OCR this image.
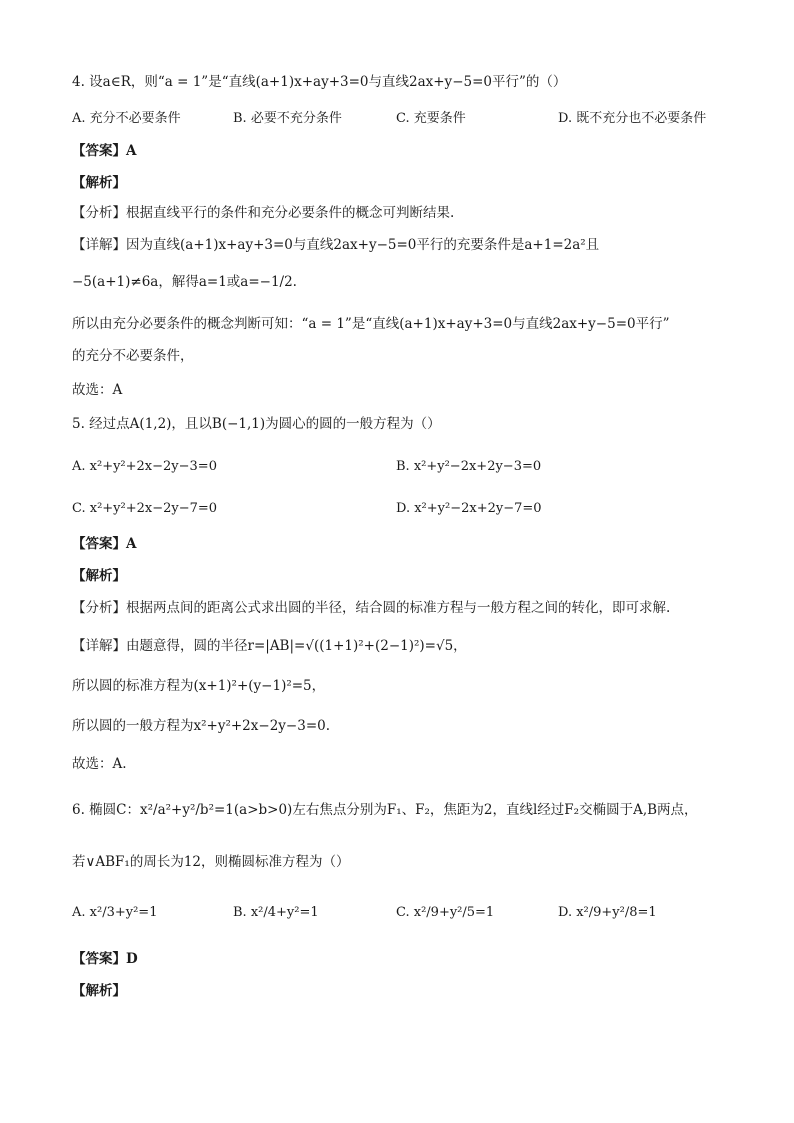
4. 设a∈R，则“a = 1”是“直线(a+1)x+ay+3=0与直线2ax+y−5=0平行”的（）
A. 充分不必要条件	B. 必要不充分条件	C. 充要条件	D. 既不充分也不必要条件
【答案】A
【解析】
【分析】根据直线平行的条件和充分必要条件的概念可判断结果.
【详解】因为直线(a+1)x+ay+3=0与直线2ax+y−5=0平行的充要条件是a+1=2a²且
−5(a+1)≠6a，解得a=1或a=−1/2.
所以由充分必要条件的概念判断可知：“a = 1”是“直线(a+1)x+ay+3=0与直线2ax+y−5=0平行”
的充分不必要条件，
故选：A
5. 经过点A(1,2)，且以B(−1,1)为圆心的圆的一般方程为（）
A. x²+y²+2x−2y−3=0	B. x²+y²−2x+2y−3=0
C. x²+y²+2x−2y−7=0	D. x²+y²−2x+2y−7=0
【答案】A
【解析】
【分析】根据两点间的距离公式求出圆的半径，结合圆的标准方程与一般方程之间的转化，即可求解.
【详解】由题意得，圆的半径r=|AB|=√((1+1)²+(2−1)²)=√5，
所以圆的标准方程为(x+1)²+(y−1)²=5，
所以圆的一般方程为x²+y²+2x−2y−3=0.
故选：A.
6. 椭圆C：x²/a²+y²/b²=1(a>b>0)左右焦点分别为F₁、F₂，焦距为2，直线l经过F₂交椭圆于A,B两点，
若∨ABF₁的周长为12，则椭圆标准方程为（）
A. x²/3+y²=1	B. x²/4+y²=1	C. x²/9+y²/5=1	D. x²/9+y²/8=1
【答案】D
【解析】
